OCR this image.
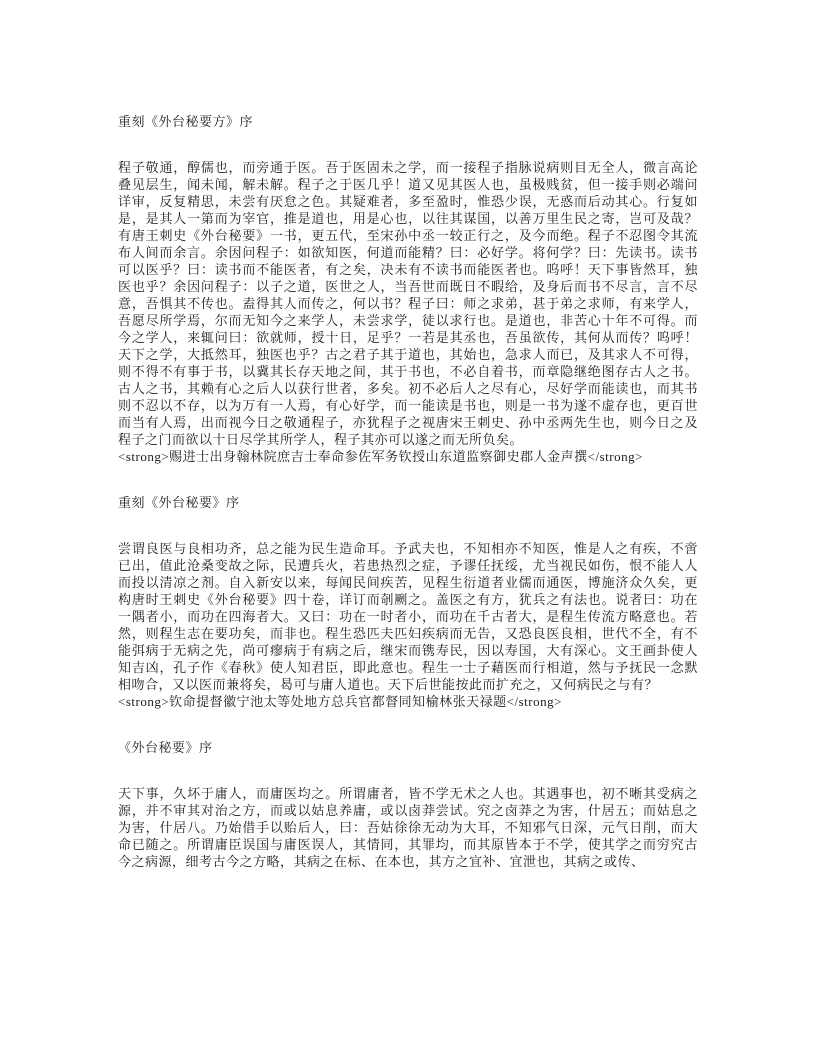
重刻《外台秘要方》序

程子敬通，醇儒也，而旁通于医。吾于医固未之学，而一接程子指脉说病则目无全人，微言高论叠见层生，闻未闻，解未解。程子之于医几乎！道又见其医人也，虽极贱贫，但一接手则必端问详审，反复精思，未尝有厌怠之色。其疑难者，多至盈时，惟恐少误，无惑而后动其心。行复如是，是其人一第而为宰官，推是道也，用是心也，以往其谋国，以善万里生民之寄，岂可及哉？有唐王刺史《外台秘要》一书，更五代，至宋孙中丞一较正行之，及今而绝。程子不忍图令其流布人间而余言。余因问程子：如欲知医，何道而能精？曰：必好学。将何学？曰：先读书。读书可以医乎？曰：读书而不能医者，有之矣，决未有不读书而能医者也。呜呼！天下事皆然耳，独医也乎？余因问程子：以子之道，医世之人，当吾世而既日不暇给，及身后而书不尽言，言不尽意，吾惧其不传也。盍得其人而传之，何以书？程子曰：师之求弟，甚于弟之求师，有来学人，吾愿尽所学焉，尔而无知今之来学人，未尝求学，徒以求行也。是道也，非苦心十年不可得。而今之学人，来辄问曰：欲就师，授十日，足乎？一若是其丞也，吾虽欲传，其何从而传？呜呼！天下之学，大抵然耳，独医也乎？古之君子其于道也，其始也，急求人而已，及其求人不可得，则不得不有事于书，以冀其长存天地之间，其于书也，不必自着书，而章隐继绝图存古人之书。古人之书，其赖有心之后人以获行世者，多矣。初不必后人之尽有心，尽好学而能读也，而其书则不忍以不存，以为万有一人焉，有心好学，而一能读是书也，则是一书为遂不虚存也，更百世而当有人焉，出而视今日之敬通程子，亦犹程子之视唐宋王刺史、孙中丞两先生也，则今日之及程子之门而欲以十日尽学其所学人，程子其亦可以遂之而无所负矣。

<strong>赐进士出身翰林院庶吉士奉命参佐军务钦授山东道监察御史郡人金声撰</strong>

重刻《外台秘要》序

尝谓良医与良相功齐，总之能为民生造命耳。予武夫也，不知相亦不知医，惟是人之有疾，不啻已出，值此沧桑变故之际，民遭兵火，若患热烈之症，予谬任抚绥，尤当视民如伤，恨不能人人而投以清凉之剂。自入新安以来，每闻民间疾苦，见程生衍道者业儒而通医，博施济众久矣，更构唐时王刺史《外台秘要》四十卷，详订而剞劂之。盖医之有方，犹兵之有法也。说者曰：功在一隅者小，而功在四海者大。又曰：功在一时者小，而功在千古者大，是程生传流方略意也。若然，则程生志在要功矣，而非也。程生恐匹夫匹妇疾病而无告，又恐良医良相，世代不全，有不能弭病于无病之先，尚可瘳病于有病之后，继宋而镌寿民，因以寿国，大有深心。文王画卦使人知吉凶，孔子作《春秋》使人知君臣，即此意也。程生一士子藉医而行相道，然与予抚民一念默相吻合，又以医而兼将矣，曷可与庸人道也。天下后世能按此而扩充之，又何病民之与有？

<strong>钦命提督徽宁池太等处地方总兵官都督同知榆林张天禄题</strong>

《外台秘要》序

天下事，久坏于庸人，而庸医均之。所谓庸者，皆不学无术之人也。其遇事也，初不晰其受病之源，并不审其对治之方，而或以姑息养庸，或以卤莽尝试。究之卤莽之为害，什居五；而姑息之为害，什居八。乃始借手以贻后人，曰：吾姑徐徐无动为大耳，不知邪气日深，元气日削，而大命已随之。所谓庸臣误国与庸医误人，其情同，其罪均，而其原皆本于不学，使其学之而穷究古今之病源，细考古今之方略，其病之在标、在本也，其方之宜补、宜泄也，其病之或传、
